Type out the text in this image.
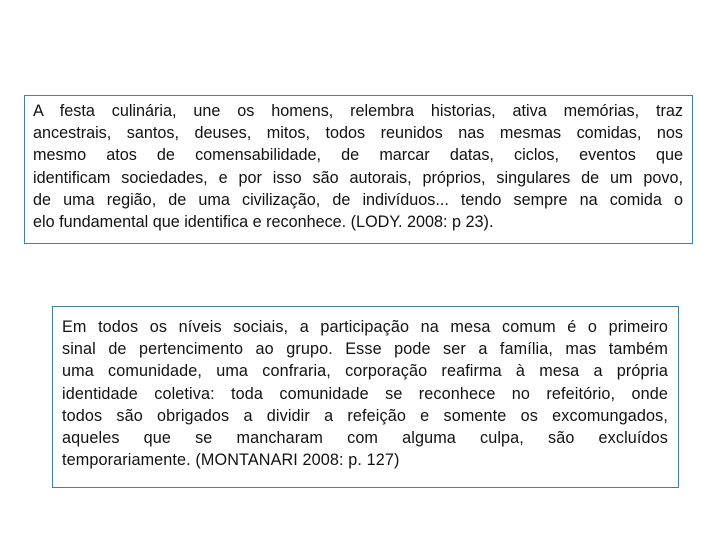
A festa culinária, une os homens, relembra historias, ativa memórias, traz
ancestrais, santos, deuses, mitos, todos reunidos nas mesmas comidas, nos
mesmo atos de comensabilidade, de marcar datas, ciclos, eventos que
identificam sociedades, e por isso são autorais, próprios, singulares de um povo,
de uma região, de uma civilização, de indivíduos... tendo sempre na comida o
elo fundamental que identifica e reconhece. (LODY. 2008: p 23).
Em todos os níveis sociais, a participação na mesa comum é o primeiro
sinal de pertencimento ao grupo. Esse pode ser a família, mas também
uma comunidade, uma confraria, corporação reafirma à mesa a própria
identidade coletiva: toda comunidade se reconhece no refeitório, onde
todos são obrigados a dividir a refeição e somente os excomungados,
aqueles que se mancharam com alguma culpa, são excluídos
temporariamente. (MONTANARI 2008: p. 127)
